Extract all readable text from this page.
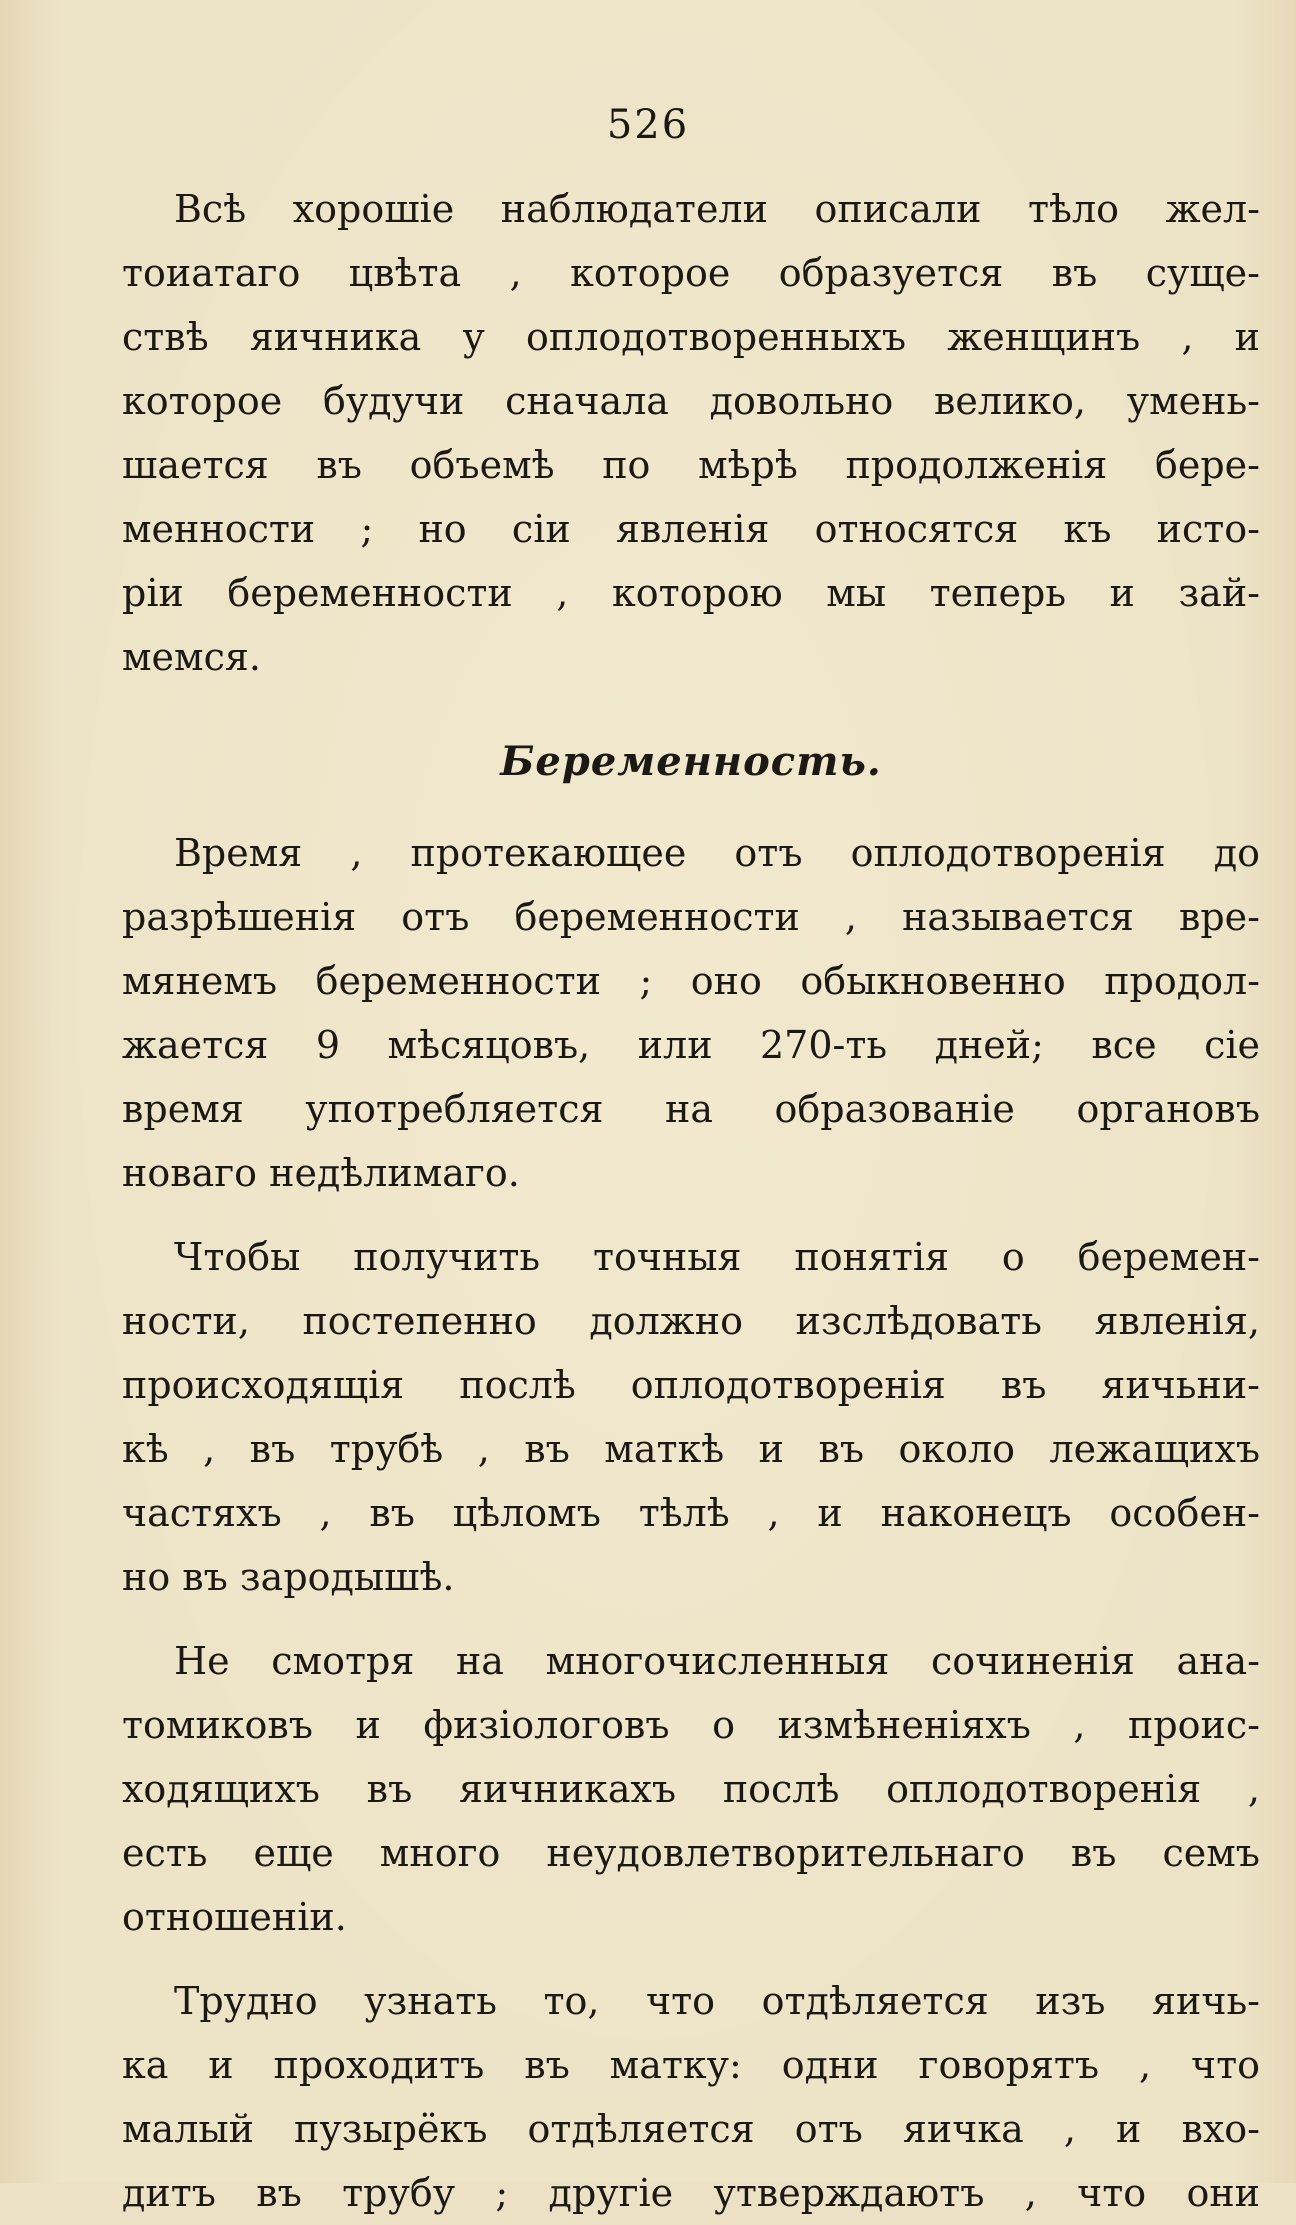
526
Всѣ хорошіе наблюдатели описали тѣло жел-
тоиатаго цвѣта , которое образуется въ суще-
ствѣ яичника у оплодотворенныхъ женщинъ , и
которое будучи сначала довольно велико, умень-
шается въ объемѣ по мѣрѣ продолженія бере-
менности ; но сіи явленія относятся къ исто-
ріи беременности , которою мы теперь и зай-
мемся.
Беременность.
Время , протекающее отъ оплодотворенія до
разрѣшенія отъ беременности , называется вре-
мянемъ беременности ; оно обыкновенно продол-
жается 9 мѣсяцовъ, или 270-ть дней; все сіе
время употребляется на образованіе органовъ
новаго недѣлимаго.
Чтобы получить точныя понятія о беремен-
ности, постепенно должно изслѣдовать явленія,
происходящія послѣ оплодотворенія въ яичьни-
кѣ , въ трубѣ , въ маткѣ и въ около лежащихъ
частяхъ , въ цѣломъ тѣлѣ , и наконецъ особен-
но въ зародышѣ.
Не смотря на многочисленныя сочиненія ана-
томиковъ и физіологовъ о измѣненіяхъ , проис-
ходящихъ въ яичникахъ послѣ оплодотворенія ,
есть еще много неудовлетворительнаго въ семъ
отношеніи.
Трудно узнать то, что отдѣляется изъ яичь-
ка и проходитъ въ матку: одни говорятъ , что
малый пузырёкъ отдѣляется отъ яичка , и вхо-
дитъ въ трубу ; другіе утверждаютъ , что они
